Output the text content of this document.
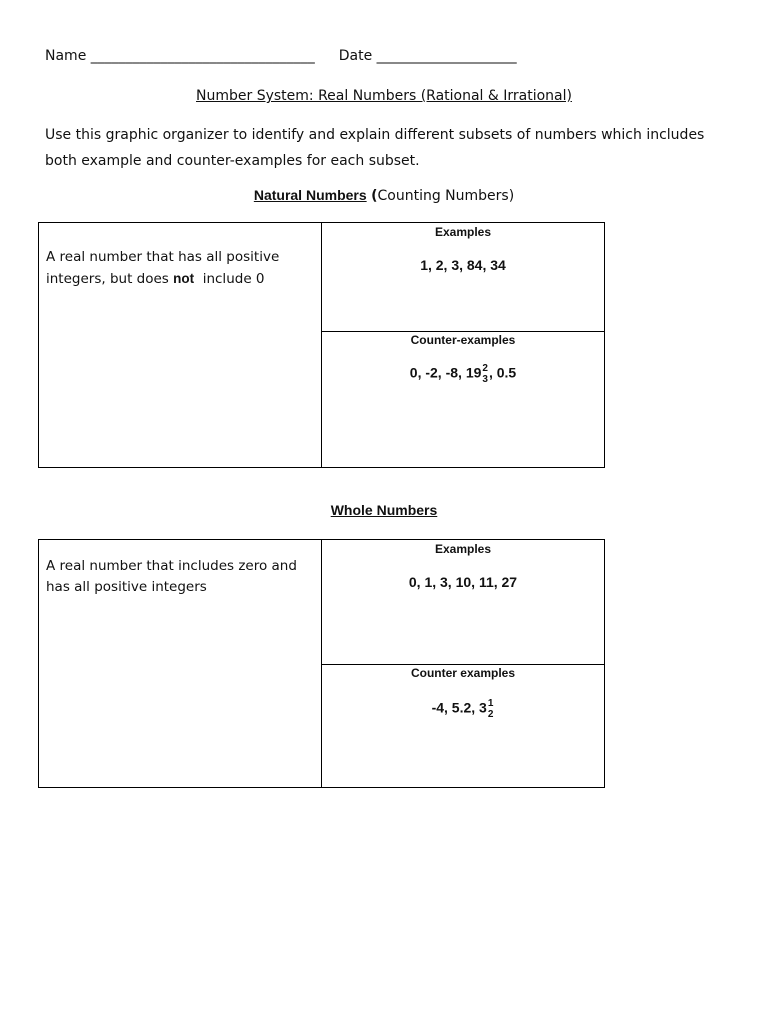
Name ________________________________ Date ____________________
Number System: Real Numbers (Rational & Irrational)
Use this graphic organizer to identify and explain different subsets of numbers which includes both example and counter-examples for each subset.
Natural Numbers (Counting Numbers)
A real number that has all positive integers, but does not  include 0
Examples
1, 2, 3, 84, 34
Counter-examples
0, -2, -8, 19 2
3 , 0.5
Whole Numbers
A real number that includes zero and has all positive integers
Examples
0, 1, 3, 10, 11, 27
Counter examples
-4, 5.2, 3 1
2
